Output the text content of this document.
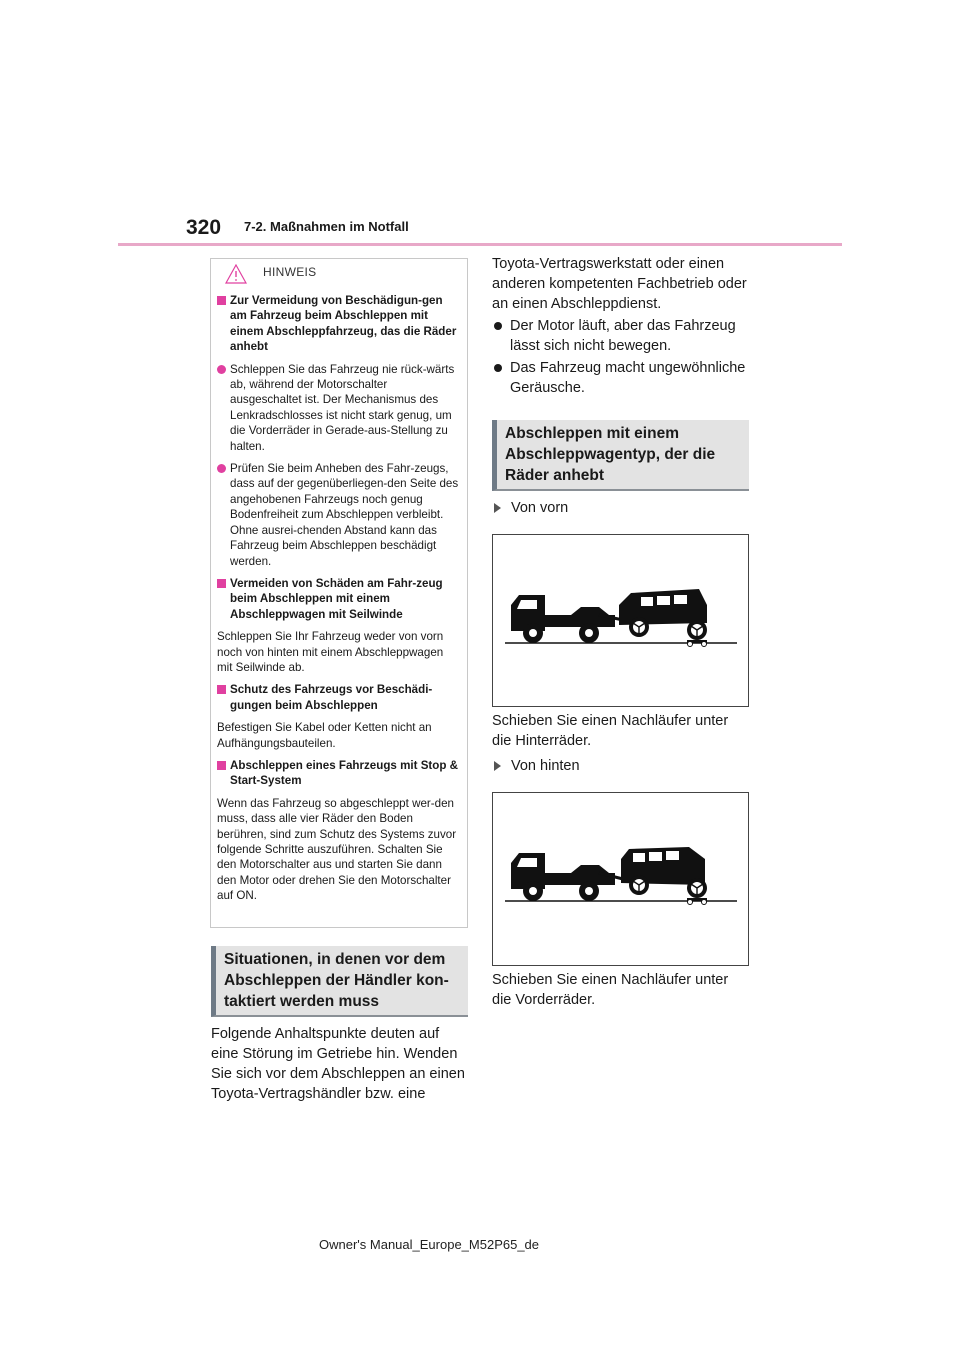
320 7-2. Maßnahmen im Notfall
HINWEIS
Zur Vermeidung von Beschädigun-gen am Fahrzeug beim Abschleppen mit einem Abschleppfahrzeug, das die Räder anhebt
Schleppen Sie das Fahrzeug nie rück-wärts ab, während der Motorschalter ausgeschaltet ist. Der Mechanismus des Lenkradschlosses ist nicht stark genug, um die Vorderräder in Gerade-aus-Stellung zu halten.
Prüfen Sie beim Anheben des Fahr-zeugs, dass auf der gegenüberliegen-den Seite des angehobenen Fahrzeugs noch genug Bodenfreiheit zum Abschleppen verbleibt. Ohne ausrei-chenden Abstand kann das Fahrzeug beim Abschleppen beschädigt werden.
Vermeiden von Schäden am Fahr-zeug beim Abschleppen mit einem Abschleppwagen mit Seilwinde
Schleppen Sie Ihr Fahrzeug weder von vorn noch von hinten mit einem Abschleppwagen mit Seilwinde ab.
Schutz des Fahrzeugs vor Beschädi-gungen beim Abschleppen
Befestigen Sie Kabel oder Ketten nicht an Aufhängungsbauteilen.
Abschleppen eines Fahrzeugs mit Stop & Start-System
Wenn das Fahrzeug so abgeschleppt wer-den muss, dass alle vier Räder den Boden berühren, sind zum Schutz des Systems zuvor folgende Schritte auszuführen. Schalten Sie den Motorschalter aus und starten Sie dann den Motor oder drehen Sie den Motorschalter auf ON.
Situationen, in denen vor dem Abschleppen der Händler kon-taktiert werden muss
Folgende Anhaltspunkte deuten auf eine Störung im Getriebe hin. Wenden Sie sich vor dem Abschleppen an einen Toyota-Vertragshändler bzw. eine
Toyota-Vertragswerkstatt oder einen anderen kompetenten Fachbetrieb oder an einen Abschleppdienst.
Der Motor läuft, aber das Fahrzeug lässt sich nicht bewegen.
Das Fahrzeug macht ungewöhnliche Geräusche.
Abschleppen mit einem Abschleppwagentyp, der die Räder anhebt
Von vorn
Schieben Sie einen Nachläufer unter die Hinterräder.
Von hinten
Schieben Sie einen Nachläufer unter die Vorderräder.
Owner's Manual_Europe_M52P65_de
